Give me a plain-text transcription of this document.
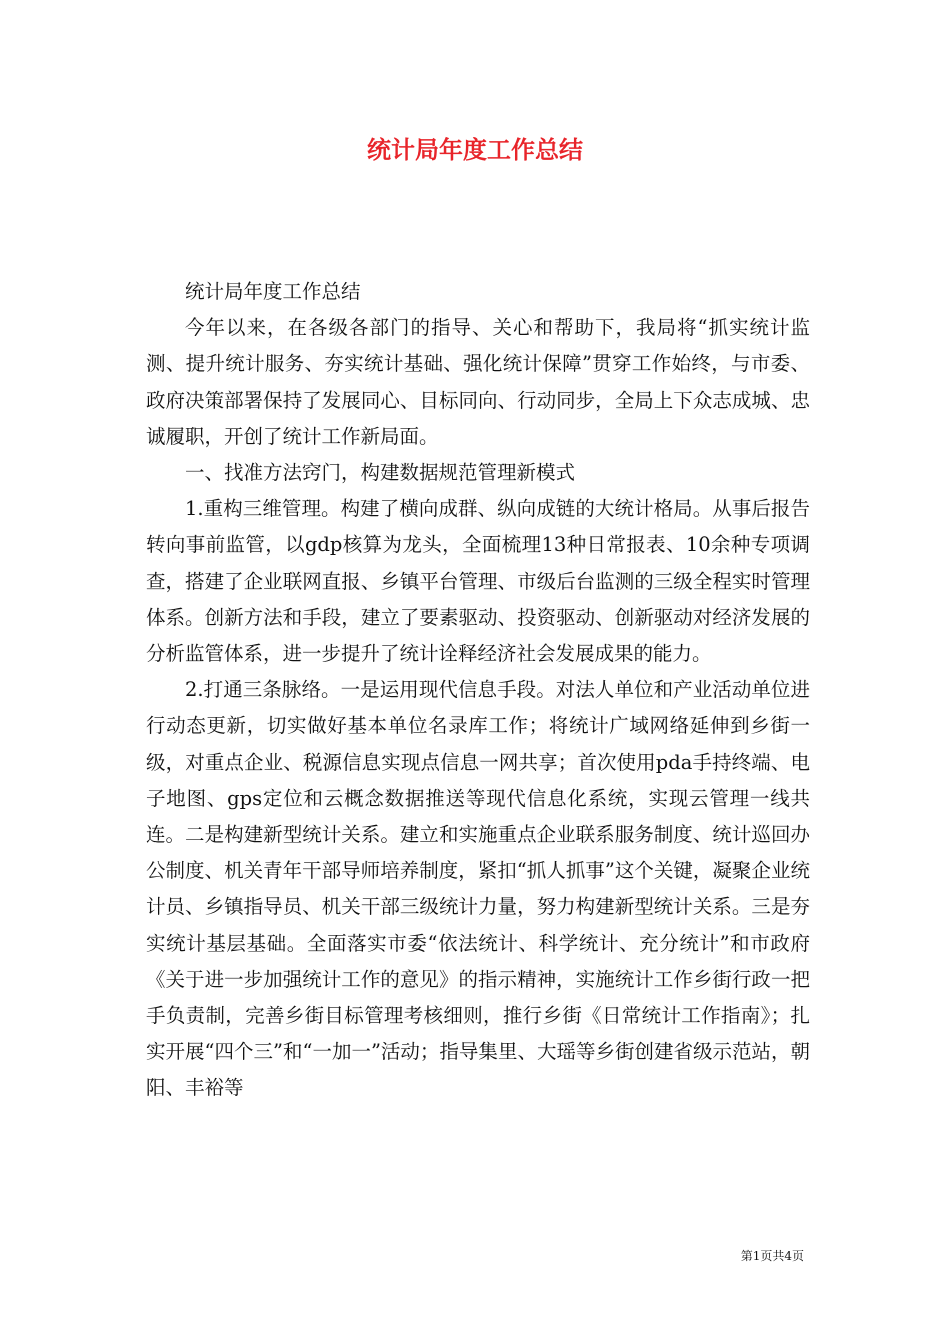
统计局年度工作总结

统计局年度工作总结

今年以来，在各级各部门的指导、关心和帮助下，我局将“抓实统计监测、提升统计服务、夯实统计基础、强化统计保障”贯穿工作始终，与市委、政府决策部署保持了发展同心、目标同向、行动同步，全局上下众志成城、忠诚履职，开创了统计工作新局面。

一、找准方法窍门，构建数据规范管理新模式

1.重构三维管理。构建了横向成群、纵向成链的大统计格局。从事后报告转向事前监管，以gdp核算为龙头，全面梳理13种日常报表、10余种专项调查，搭建了企业联网直报、乡镇平台管理、市级后台监测的三级全程实时管理体系。创新方法和手段，建立了要素驱动、投资驱动、创新驱动对经济发展的分析监管体系，进一步提升了统计诠释经济社会发展成果的能力。

2.打通三条脉络。一是运用现代信息手段。对法人单位和产业活动单位进行动态更新，切实做好基本单位名录库工作；将统计广域网络延伸到乡街一级，对重点企业、税源信息实现点信息一网共享；首次使用pda手持终端、电子地图、gps定位和云概念数据推送等现代信息化系统，实现云管理一线共连。二是构建新型统计关系。建立和实施重点企业联系服务制度、统计巡回办公制度、机关青年干部导师培养制度，紧扣“抓人抓事”这个关键，凝聚企业统计员、乡镇指导员、机关干部三级统计力量，努力构建新型统计关系。三是夯实统计基层基础。全面落实市委“依法统计、科学统计、充分统计”和市政府《关于进一步加强统计工作的意见》的指示精神，实施统计工作乡街行政一把手负责制，完善乡街目标管理考核细则，推行乡街《日常统计工作指南》；扎实开展“四个三”和“一加一”活动；指导集里、大瑶等乡街创建省级示范站，朝阳、丰裕等

第1页共4页
